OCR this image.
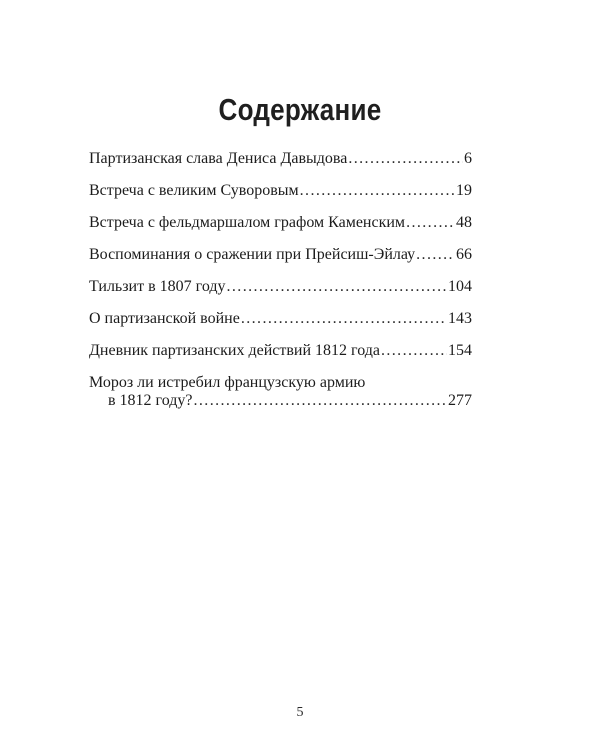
Содержание
Партизанская слава Дениса Давыдова . . .	6
Встреча с великим Суворовым . . .	19
Встреча с фельдмаршалом графом Каменским . . .	48
Воспоминания о сражении при Прейсиш-Эйлау . . .	66
Тильзит в 1807 году . . .	104
О партизанской войне . . .	143
Дневник партизанских действий 1812 года . . .	154
Мороз ли истребил французскую армию
в 1812 году? . . .	277
5
